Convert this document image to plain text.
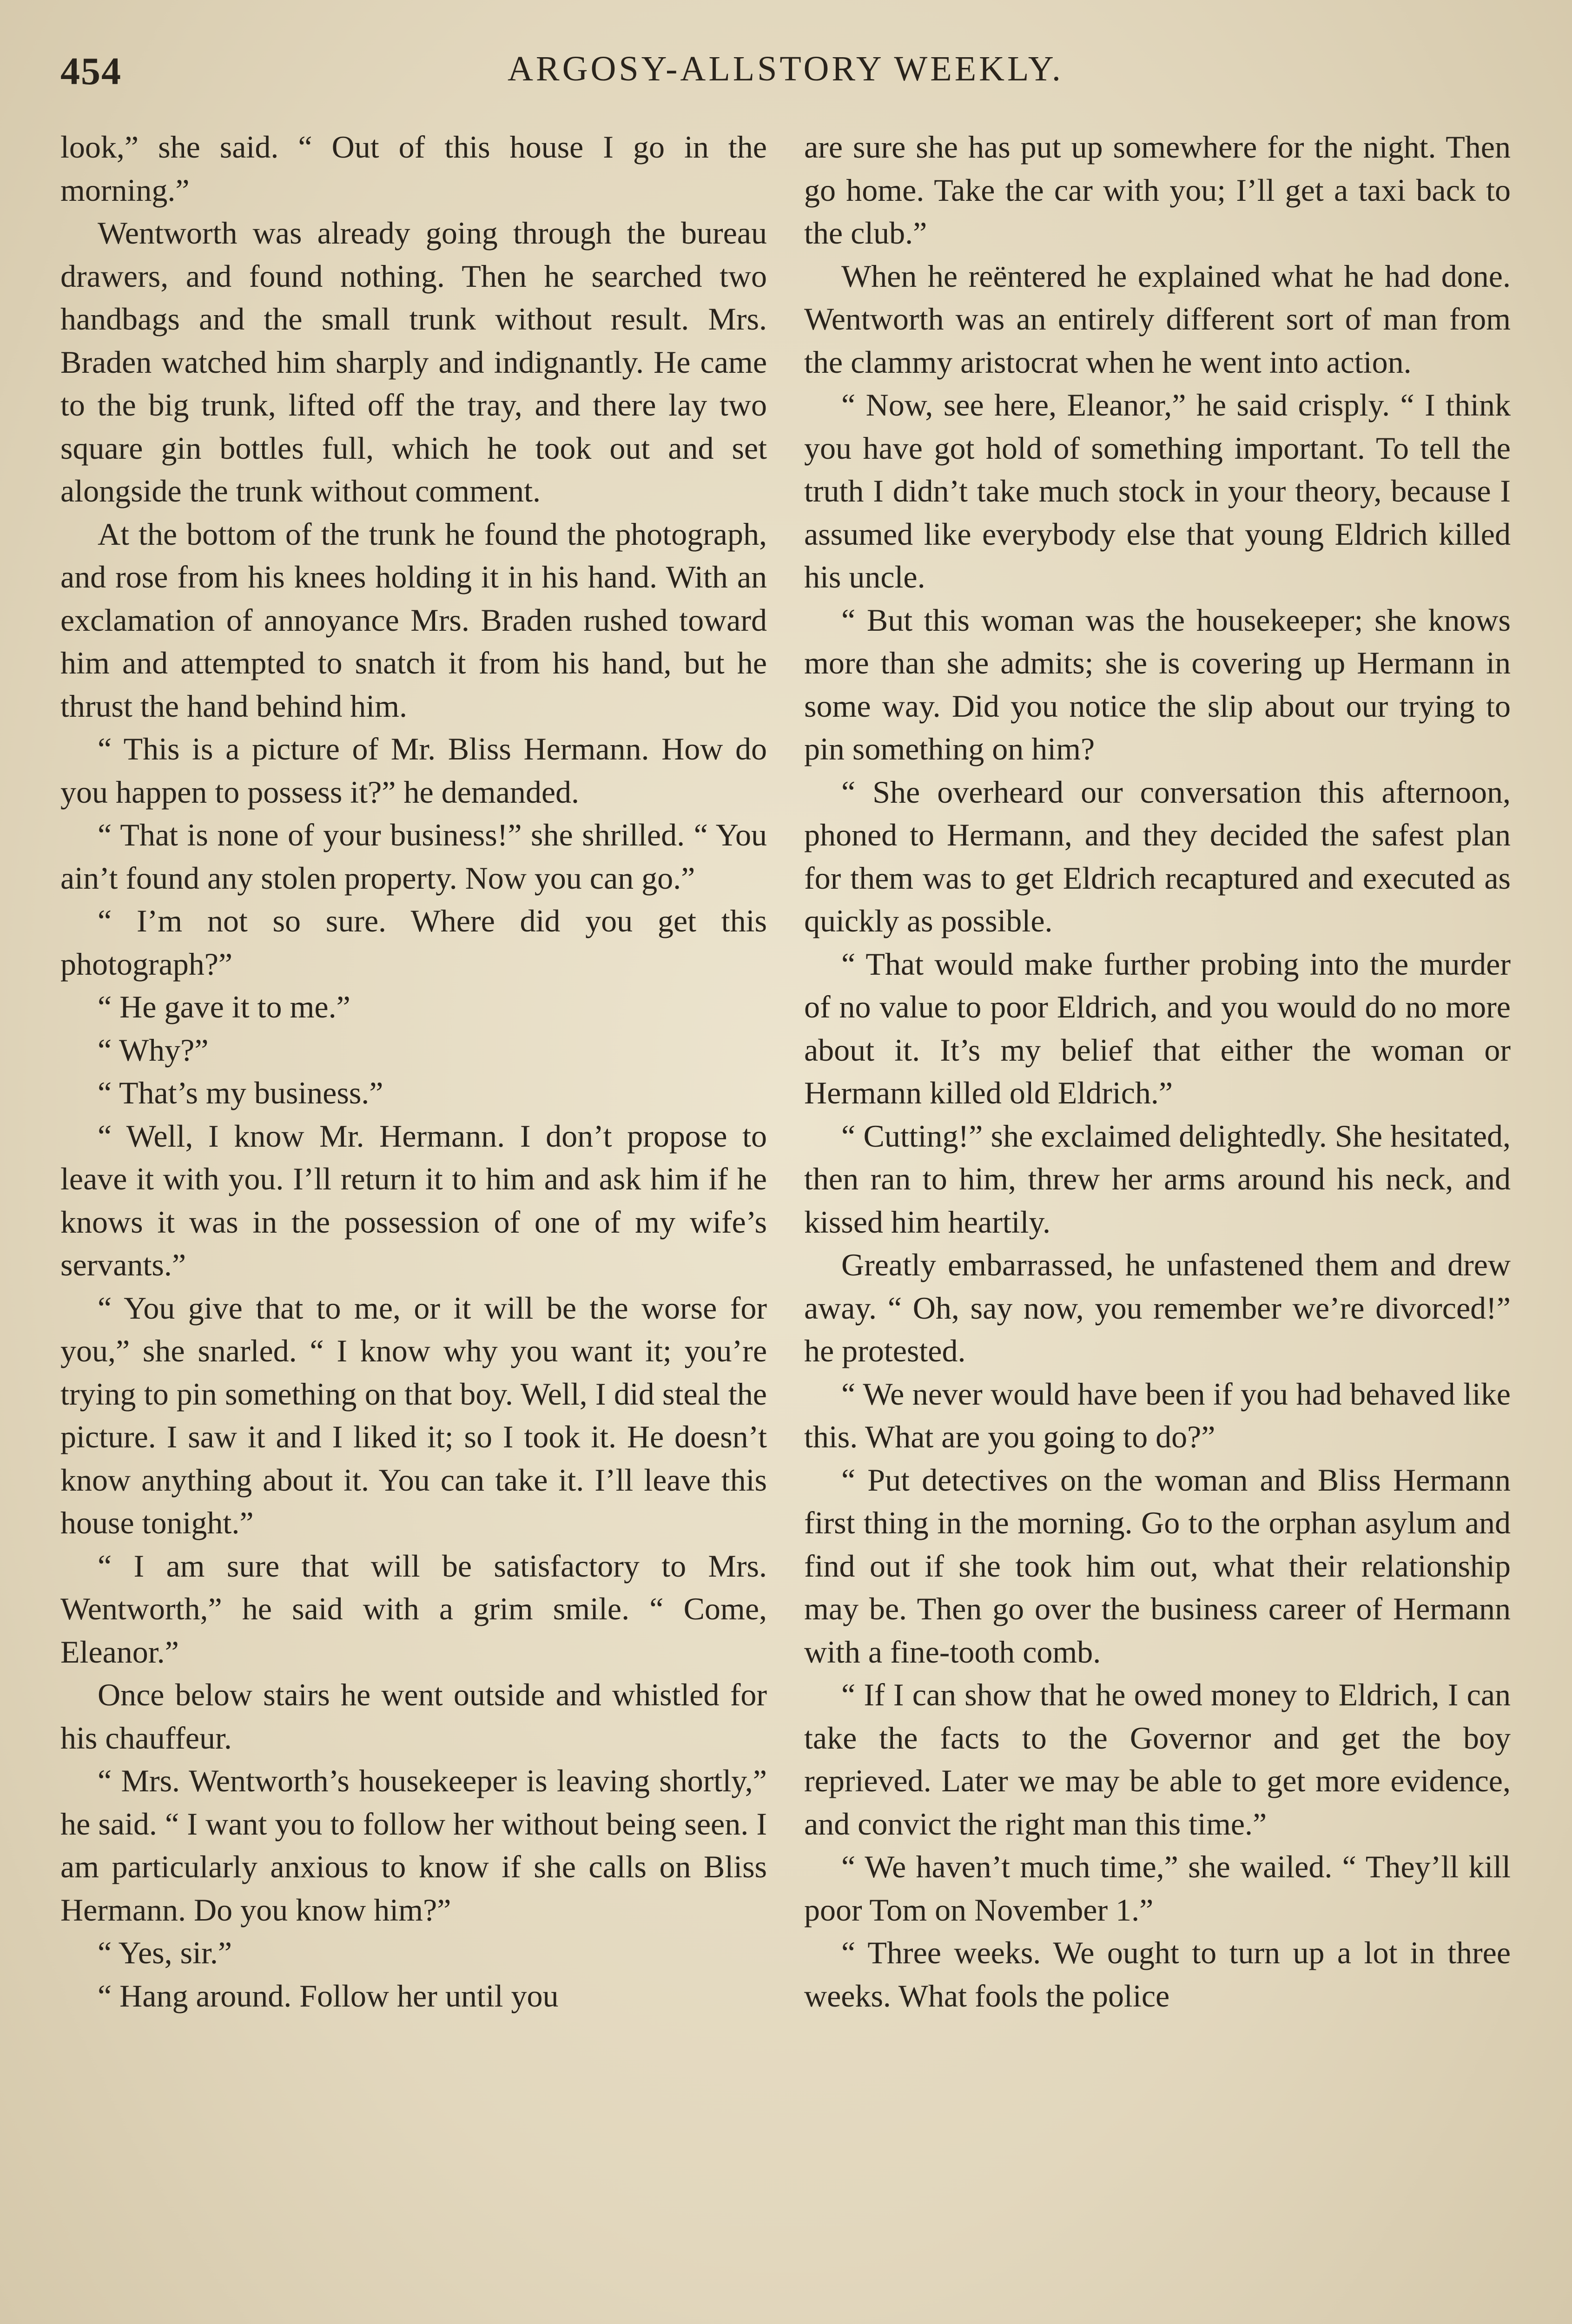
454	ARGOSY-ALLSTORY WEEKLY.

look,” she said. “ Out of this house I go in the morning.”

Wentworth was already going through the bureau drawers, and found nothing. Then he searched two handbags and the small trunk without result. Mrs. Braden watched him sharply and indignantly. He came to the big trunk, lifted off the tray, and there lay two square gin bottles full, which he took out and set alongside the trunk without comment.

At the bottom of the trunk he found the photograph, and rose from his knees holding it in his hand. With an exclamation of annoyance Mrs. Braden rushed toward him and attempted to snatch it from his hand, but he thrust the hand behind him.

“ This is a picture of Mr. Bliss Hermann. How do you happen to possess it?” he demanded.

“ That is none of your business!” she shrilled. “ You ain’t found any stolen property. Now you can go.”

“ I’m not so sure. Where did you get this photograph?”

“ He gave it to me.”

“ Why?”

“ That’s my business.”

“ Well, I know Mr. Hermann. I don’t propose to leave it with you. I’ll return it to him and ask him if he knows it was in the possession of one of my wife’s servants.”

“ You give that to me, or it will be the worse for you,” she snarled. “ I know why you want it; you’re trying to pin something on that boy. Well, I did steal the picture. I saw it and I liked it; so I took it. He doesn’t know anything about it. You can take it. I’ll leave this house tonight.”

“ I am sure that will be satisfactory to Mrs. Wentworth,” he said with a grim smile. “ Come, Eleanor.”

Once below stairs he went outside and whistled for his chauffeur.

“ Mrs. Wentworth’s housekeeper is leaving shortly,” he said. “ I want you to follow her without being seen. I am particularly anxious to know if she calls on Bliss Hermann. Do you know him?”

“ Yes, sir.”

“ Hang around. Follow her until you

are sure she has put up somewhere for the night. Then go home. Take the car with you; I’ll get a taxi back to the club.”

When he reëntered he explained what he had done. Wentworth was an entirely different sort of man from the clammy aristocrat when he went into action.

“ Now, see here, Eleanor,” he said crisply. “ I think you have got hold of something important. To tell the truth I didn’t take much stock in your theory, because I assumed like everybody else that young Eldrich killed his uncle.

“ But this woman was the housekeeper; she knows more than she admits; she is covering up Hermann in some way. Did you notice the slip about our trying to pin something on him?

“ She overheard our conversation this afternoon, phoned to Hermann, and they decided the safest plan for them was to get Eldrich recaptured and executed as quickly as possible.

“ That would make further probing into the murder of no value to poor Eldrich, and you would do no more about it. It’s my belief that either the woman or Hermann killed old Eldrich.”

“ Cutting!” she exclaimed delightedly. She hesitated, then ran to him, threw her arms around his neck, and kissed him heartily.

Greatly embarrassed, he unfastened them and drew away. “ Oh, say now, you remember we’re divorced!” he protested.

“ We never would have been if you had behaved like this. What are you going to do?”

“ Put detectives on the woman and Bliss Hermann first thing in the morning. Go to the orphan asylum and find out if she took him out, what their relationship may be. Then go over the business career of Hermann with a fine-tooth comb.

“ If I can show that he owed money to Eldrich, I can take the facts to the Governor and get the boy reprieved. Later we may be able to get more evidence, and convict the right man this time.”

“ We haven’t much time,” she wailed. “ They’ll kill poor Tom on November 1.”

“ Three weeks. We ought to turn up a lot in three weeks. What fools the police
